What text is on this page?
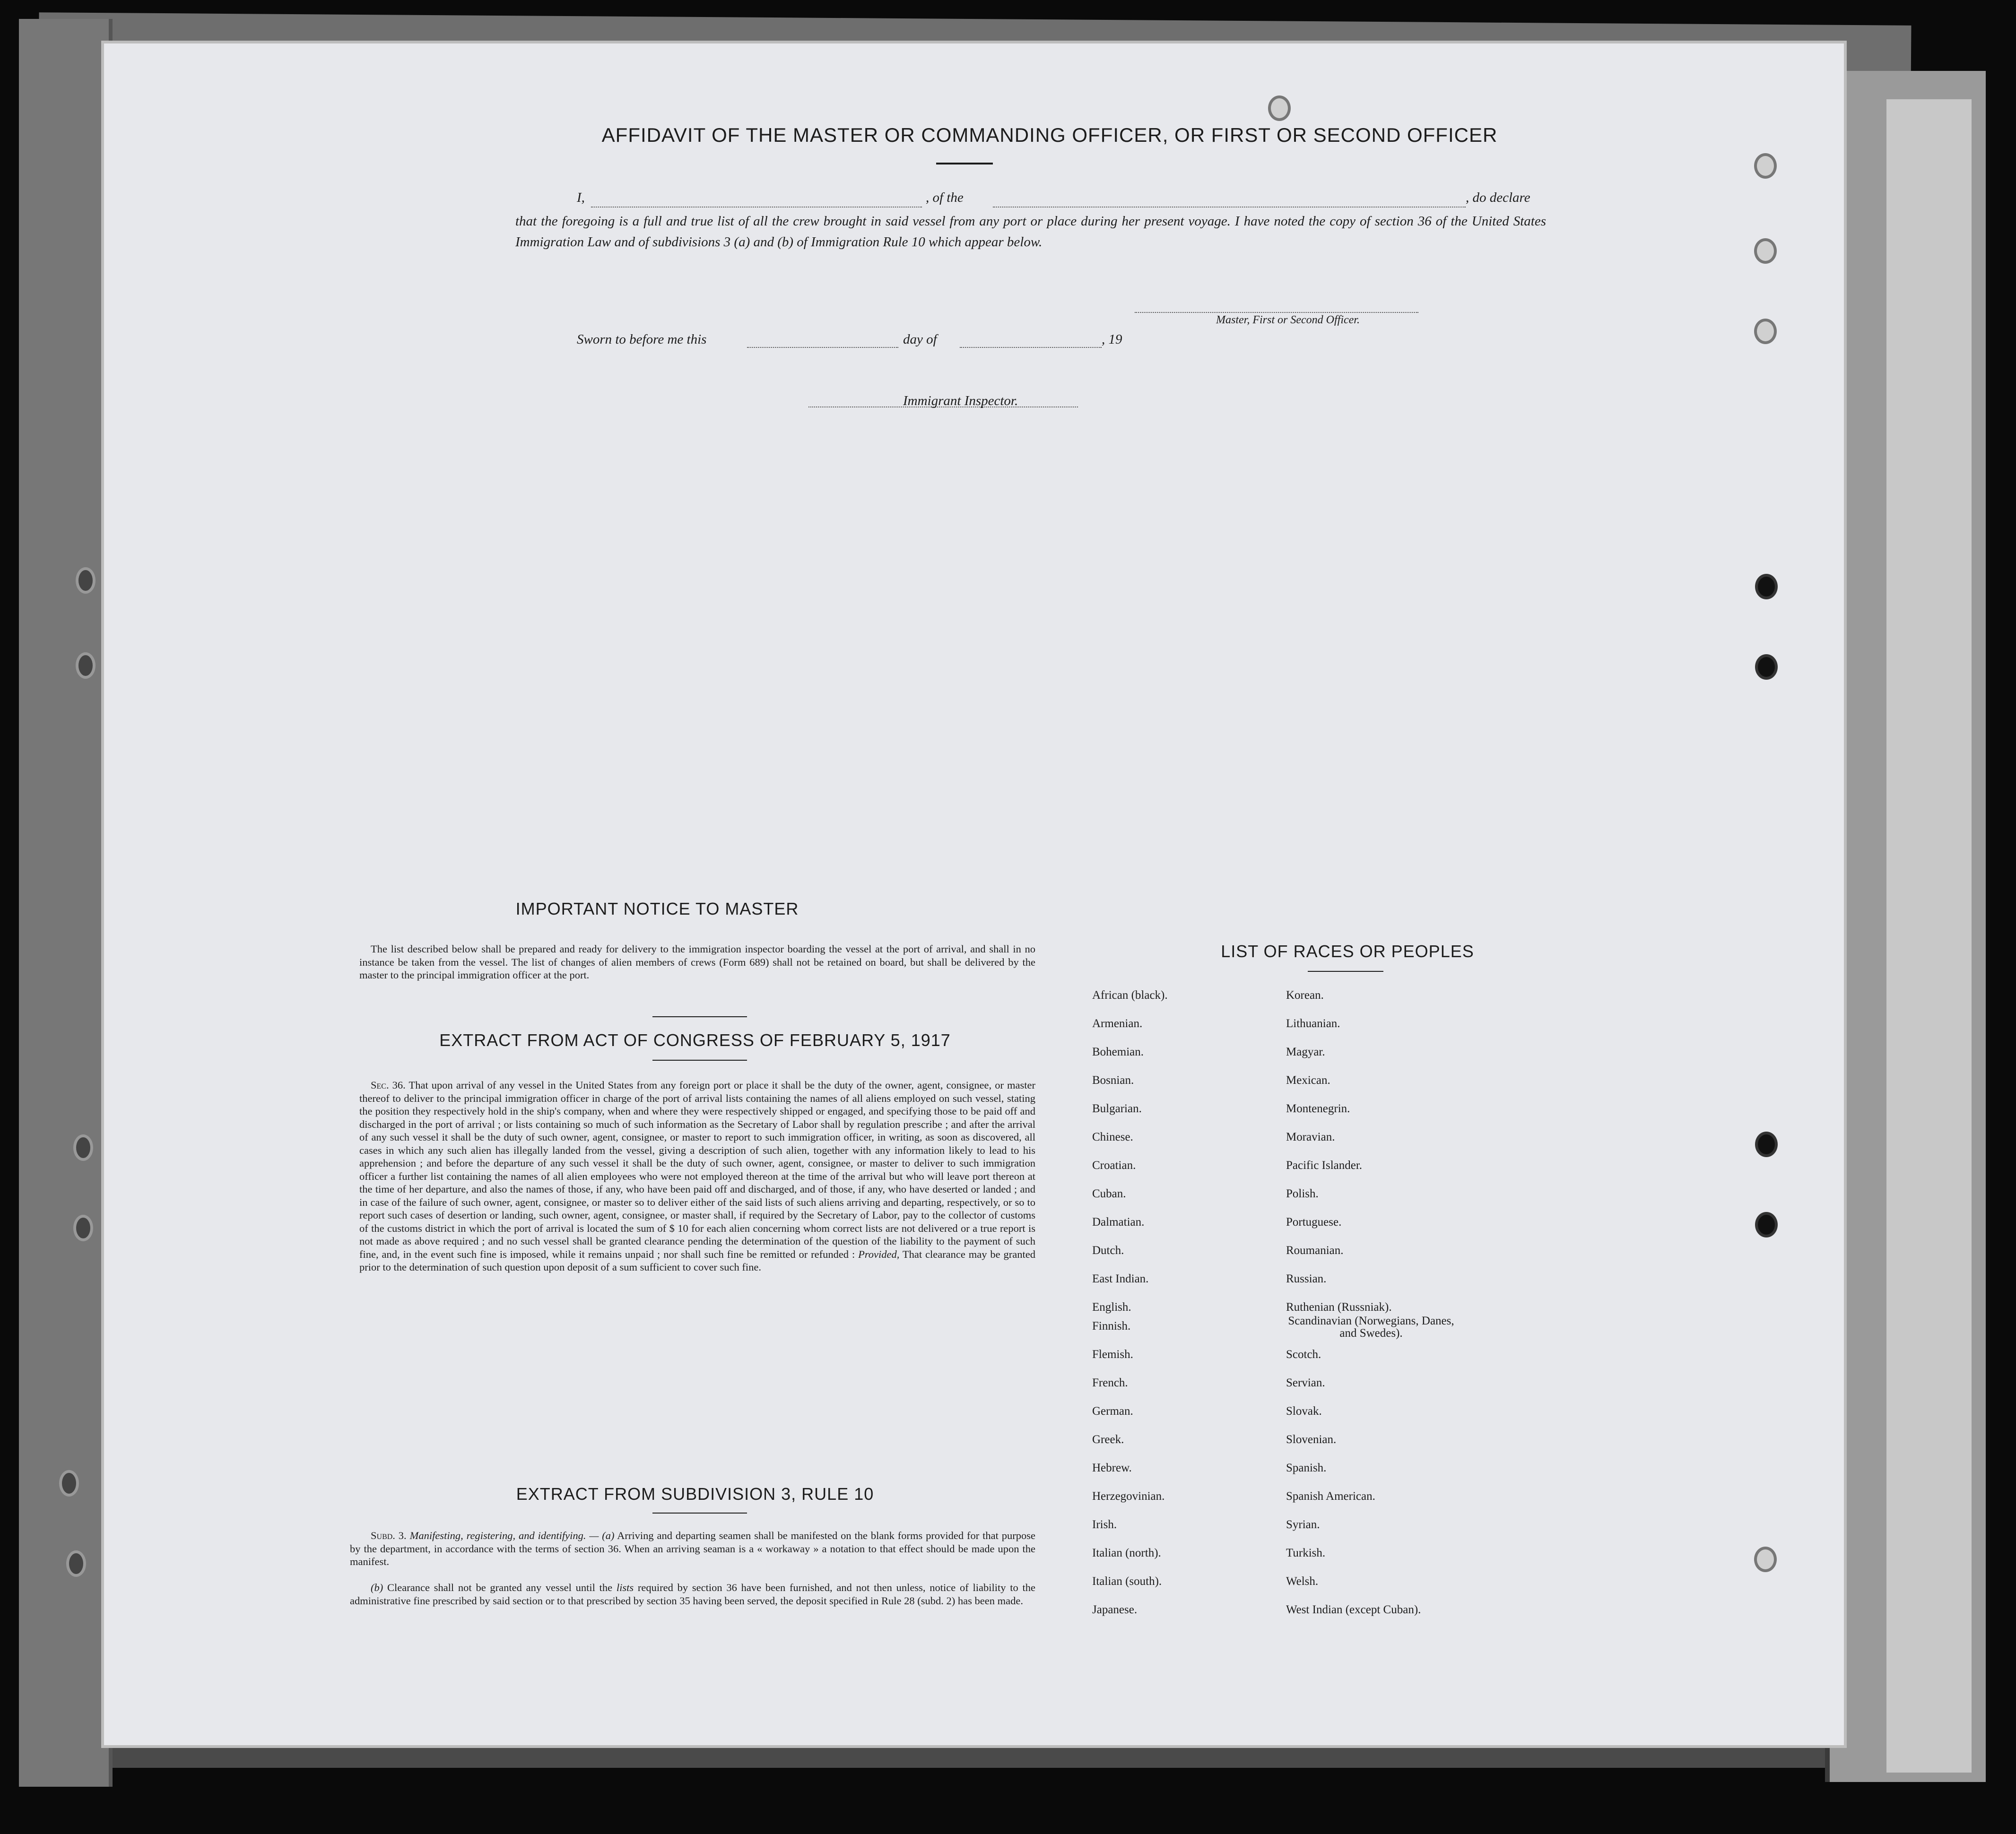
AFFIDAVIT OF THE MASTER OR COMMANDING OFFICER, OR FIRST OR SECOND OFFICER
I,	, of the	, do declare
that the foregoing is a full and true list of all the crew brought in said vessel from any port or place during her present voyage. I have noted the copy of section 36 of the United States Immigration Law and of subdivisions 3 (a) and (b) of Immigration Rule 10 which appear below.
Master, First or Second Officer.
Sworn to before me this	day of	, 19
Immigrant Inspector.
IMPORTANT NOTICE TO MASTER
The list described below shall be prepared and ready for delivery to the immigration inspector boarding the vessel at the port of arrival, and shall in no instance be taken from the vessel. The list of changes of alien members of crews (Form 689) shall not be retained on board, but shall be delivered by the master to the principal immigration officer at the port.
EXTRACT FROM ACT OF CONGRESS OF FEBRUARY 5, 1917
Sec. 36. That upon arrival of any vessel in the United States from any foreign port or place it shall be the duty of the owner, agent, consignee, or master thereof to deliver to the principal immigration officer in charge of the port of arrival lists containing the names of all aliens employed on such vessel, stating the position they respectively hold in the ship's company, when and where they were respectively shipped or engaged, and specifying those to be paid off and discharged in the port of arrival ; or lists containing so much of such information as the Secretary of Labor shall by regulation prescribe ; and after the arrival of any such vessel it shall be the duty of such owner, agent, consignee, or master to report to such immigration officer, in writing, as soon as discovered, all cases in which any such alien has illegally landed from the vessel, giving a description of such alien, together with any information likely to lead to his apprehension ; and before the departure of any such vessel it shall be the duty of such owner, agent, consignee, or master to deliver to such immigration officer a further list containing the names of all alien employees who were not employed thereon at the time of the arrival but who will leave port thereon at the time of her departure, and also the names of those, if any, who have been paid off and discharged, and of those, if any, who have deserted or landed ; and in case of the failure of such owner, agent, consignee, or master so to deliver either of the said lists of such aliens arriving and departing, respectively, or so to report such cases of desertion or landing, such owner, agent, consignee, or master shall, if required by the Secretary of Labor, pay to the collector of customs of the customs district in which the port of arrival is located the sum of $ 10 for each alien concerning whom correct lists are not delivered or a true report is not made as above required ; and no such vessel shall be granted clearance pending the determination of the question of the liability to the payment of such fine, and, in the event such fine is imposed, while it remains unpaid ; nor shall such fine be remitted or refunded : Provided, That clearance may be granted prior to the determination of such question upon deposit of a sum sufficient to cover such fine.
EXTRACT FROM SUBDIVISION 3, RULE 10
Subd. 3. Manifesting, registering, and identifying. — (a) Arriving and departing seamen shall be manifested on the blank forms provided for that purpose by the department, in accordance with the terms of section 36. When an arriving seaman is a « workaway » a notation to that effect should be made upon the manifest.
(b) Clearance shall not be granted any vessel until the lists required by section 36 have been furnished, and not then unless, notice of liability to the administrative fine prescribed by said section or to that prescribed by section 35 having been served, the deposit specified in Rule 28 (subd. 2) has been made.
LIST OF RACES OR PEOPLES
African (black).
Armenian.
Bohemian.
Bosnian.
Bulgarian.
Chinese.
Croatian.
Cuban.
Dalmatian.
Dutch.
East Indian.
English.
Finnish.
Flemish.
French.
German.
Greek.
Hebrew.
Herzegovinian.
Irish.
Italian (north).
Italian (south).
Japanese.
Korean.
Lithuanian.
Magyar.
Mexican.
Montenegrin.
Moravian.
Pacific Islander.
Polish.
Portuguese.
Roumanian.
Russian.
Ruthenian (Russniak).
Scandinavian (Norwegians, Danes, and Swedes).
Scotch.
Servian.
Slovak.
Slovenian.
Spanish.
Spanish American.
Syrian.
Turkish.
Welsh.
West Indian (except Cuban).
